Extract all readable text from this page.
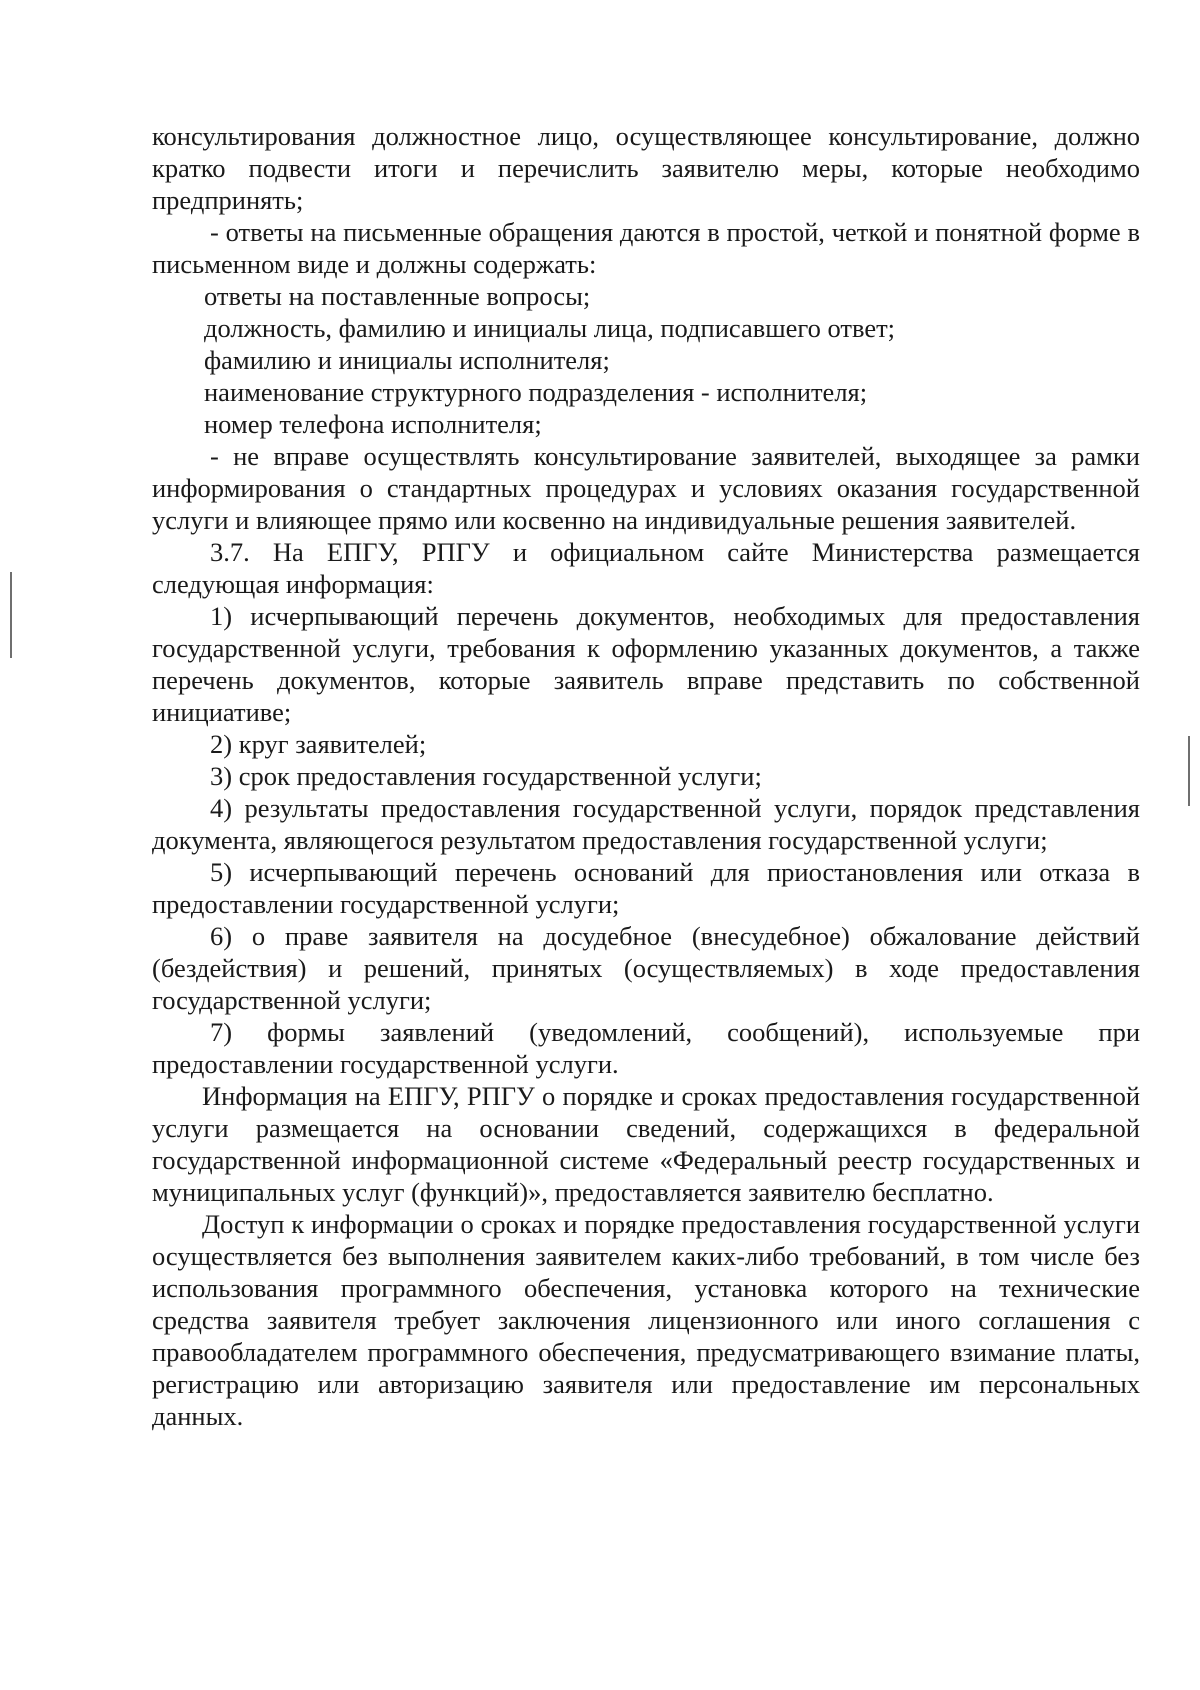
консультирования должностное лицо, осуществляющее консультирование, должно кратко подвести итоги и перечислить заявителю меры, которые необходимо предпринять;

- ответы на письменные обращения даются в простой, четкой и понятной форме в письменном виде и должны содержать:

ответы на поставленные вопросы;

должность, фамилию и инициалы лица, подписавшего ответ;

фамилию и инициалы исполнителя;

наименование структурного подразделения - исполнителя;

номер телефона исполнителя;

- не вправе осуществлять консультирование заявителей, выходящее за рамки информирования о стандартных процедурах и условиях оказания государственной услуги и влияющее прямо или косвенно на индивидуальные решения заявителей.

3.7. На ЕПГУ, РПГУ и официальном сайте Министерства размещается следующая информация:

1) исчерпывающий перечень документов, необходимых для предоставления государственной услуги, требования к оформлению указанных документов, а также перечень документов, которые заявитель вправе представить по собственной инициативе;

2) круг заявителей;

3) срок предоставления государственной услуги;

4) результаты предоставления государственной услуги, порядок представления документа, являющегося результатом предоставления государственной услуги;

5) исчерпывающий перечень оснований для приостановления или отказа в предоставлении государственной услуги;

6) о праве заявителя на досудебное (внесудебное) обжалование действий (бездействия) и решений, принятых (осуществляемых) в ходе предоставления государственной услуги;

7) формы заявлений (уведомлений, сообщений), используемые при предоставлении государственной услуги.

Информация на ЕПГУ, РПГУ о порядке и сроках предоставления государственной услуги размещается на основании сведений, содержащихся в федеральной государственной информационной системе «Федеральный реестр государственных и муниципальных услуг (функций)», предоставляется заявителю бесплатно.

Доступ к информации о сроках и порядке предоставления государственной услуги осуществляется без выполнения заявителем каких-либо требований, в том числе без использования программного обеспечения, установка которого на технические средства заявителя требует заключения лицензионного или иного соглашения с правообладателем программного обеспечения, предусматривающего взимание платы, регистрацию или авторизацию заявителя или предоставление им персональных данных.
